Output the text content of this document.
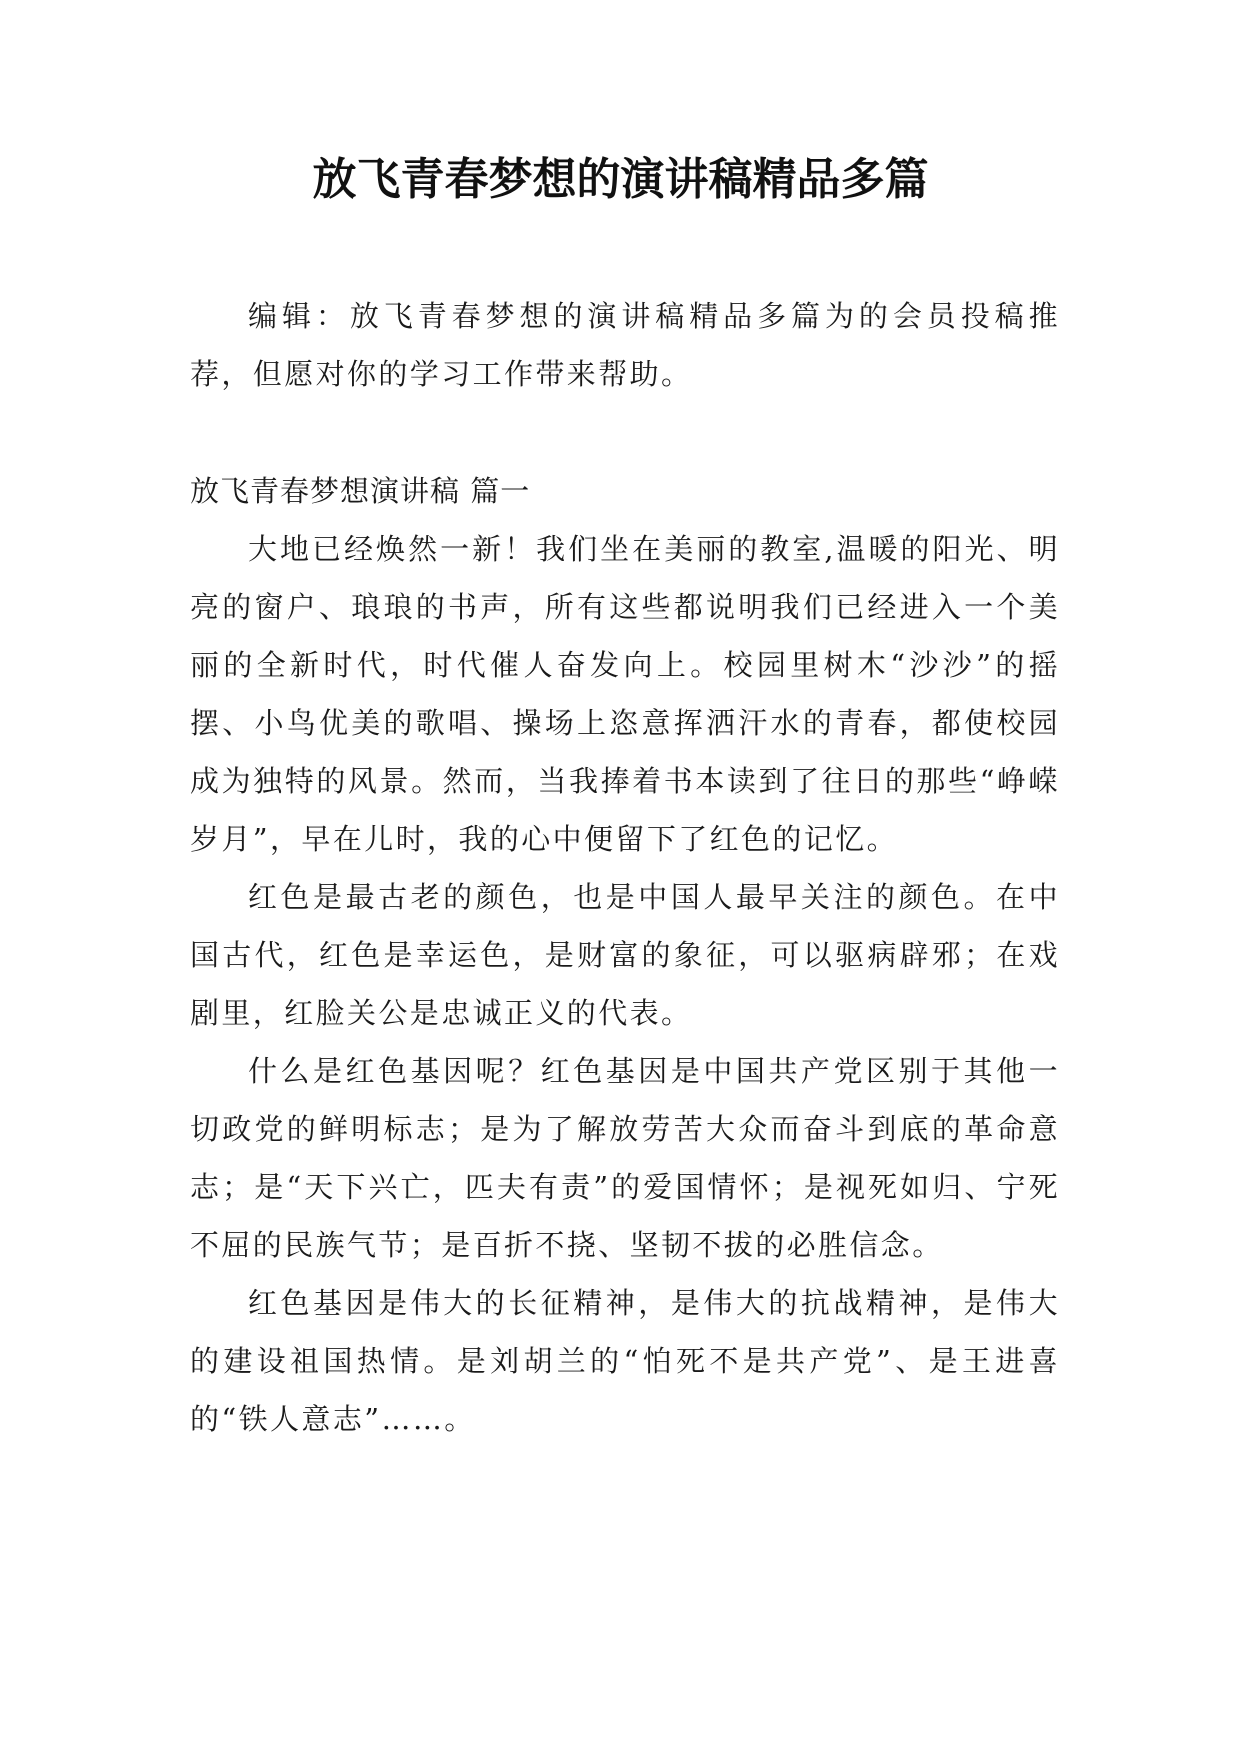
放飞青春梦想的演讲稿精品多篇

编辑：放飞青春梦想的演讲稿精品多篇为的会员投稿推荐，但愿对你的学习工作带来帮助。

放飞青春梦想演讲稿 篇一

大地已经焕然一新！我们坐在美丽的教室,温暖的阳光、明亮的窗户、琅琅的书声，所有这些都说明我们已经进入一个美丽的全新时代，时代催人奋发向上。校园里树木“沙沙”的摇摆、小鸟优美的歌唱、操场上恣意挥洒汗水的青春，都使校园成为独特的风景。然而，当我捧着书本读到了往日的那些“峥嵘岁月”，早在儿时，我的心中便留下了红色的记忆。

红色是最古老的颜色，也是中国人最早关注的颜色。在中国古代，红色是幸运色，是财富的象征，可以驱病辟邪；在戏剧里，红脸关公是忠诚正义的代表。

什么是红色基因呢？红色基因是中国共产党区别于其他一切政党的鲜明标志；是为了解放劳苦大众而奋斗到底的革命意志；是“天下兴亡，匹夫有责”的爱国情怀；是视死如归、宁死不屈的民族气节；是百折不挠、坚韧不拔的必胜信念。

红色基因是伟大的长征精神，是伟大的抗战精神，是伟大的建设祖国热情。是刘胡兰的“怕死不是共产党”、是王进喜的“铁人意志”……。
